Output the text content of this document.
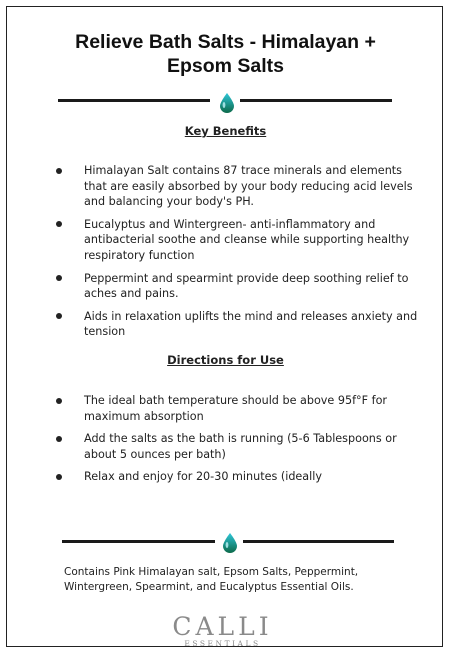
Relieve Bath Salts - Himalayan +
Epsom Salts
Key Benefits
Himalayan Salt contains 87 trace minerals and elements that are easily absorbed by your body reducing acid levels and balancing your body's PH.
Eucalyptus and Wintergreen- anti-inflammatory and antibacterial soothe and cleanse while supporting healthy respiratory function
Peppermint and spearmint provide deep soothing relief to aches and pains.
Aids in relaxation uplifts the mind and releases anxiety and tension
Directions for Use
The ideal bath temperature should be above 95f°F for maximum absorption
Add the salts as the bath is running (5-6 Tablespoons or about 5 ounces per bath)
Relax and enjoy for 20-30 minutes (ideally
Contains Pink Himalayan salt, Epsom Salts, Peppermint, Wintergreen, Spearmint, and Eucalyptus Essential Oils.
CALLI
ESSENTIALS
